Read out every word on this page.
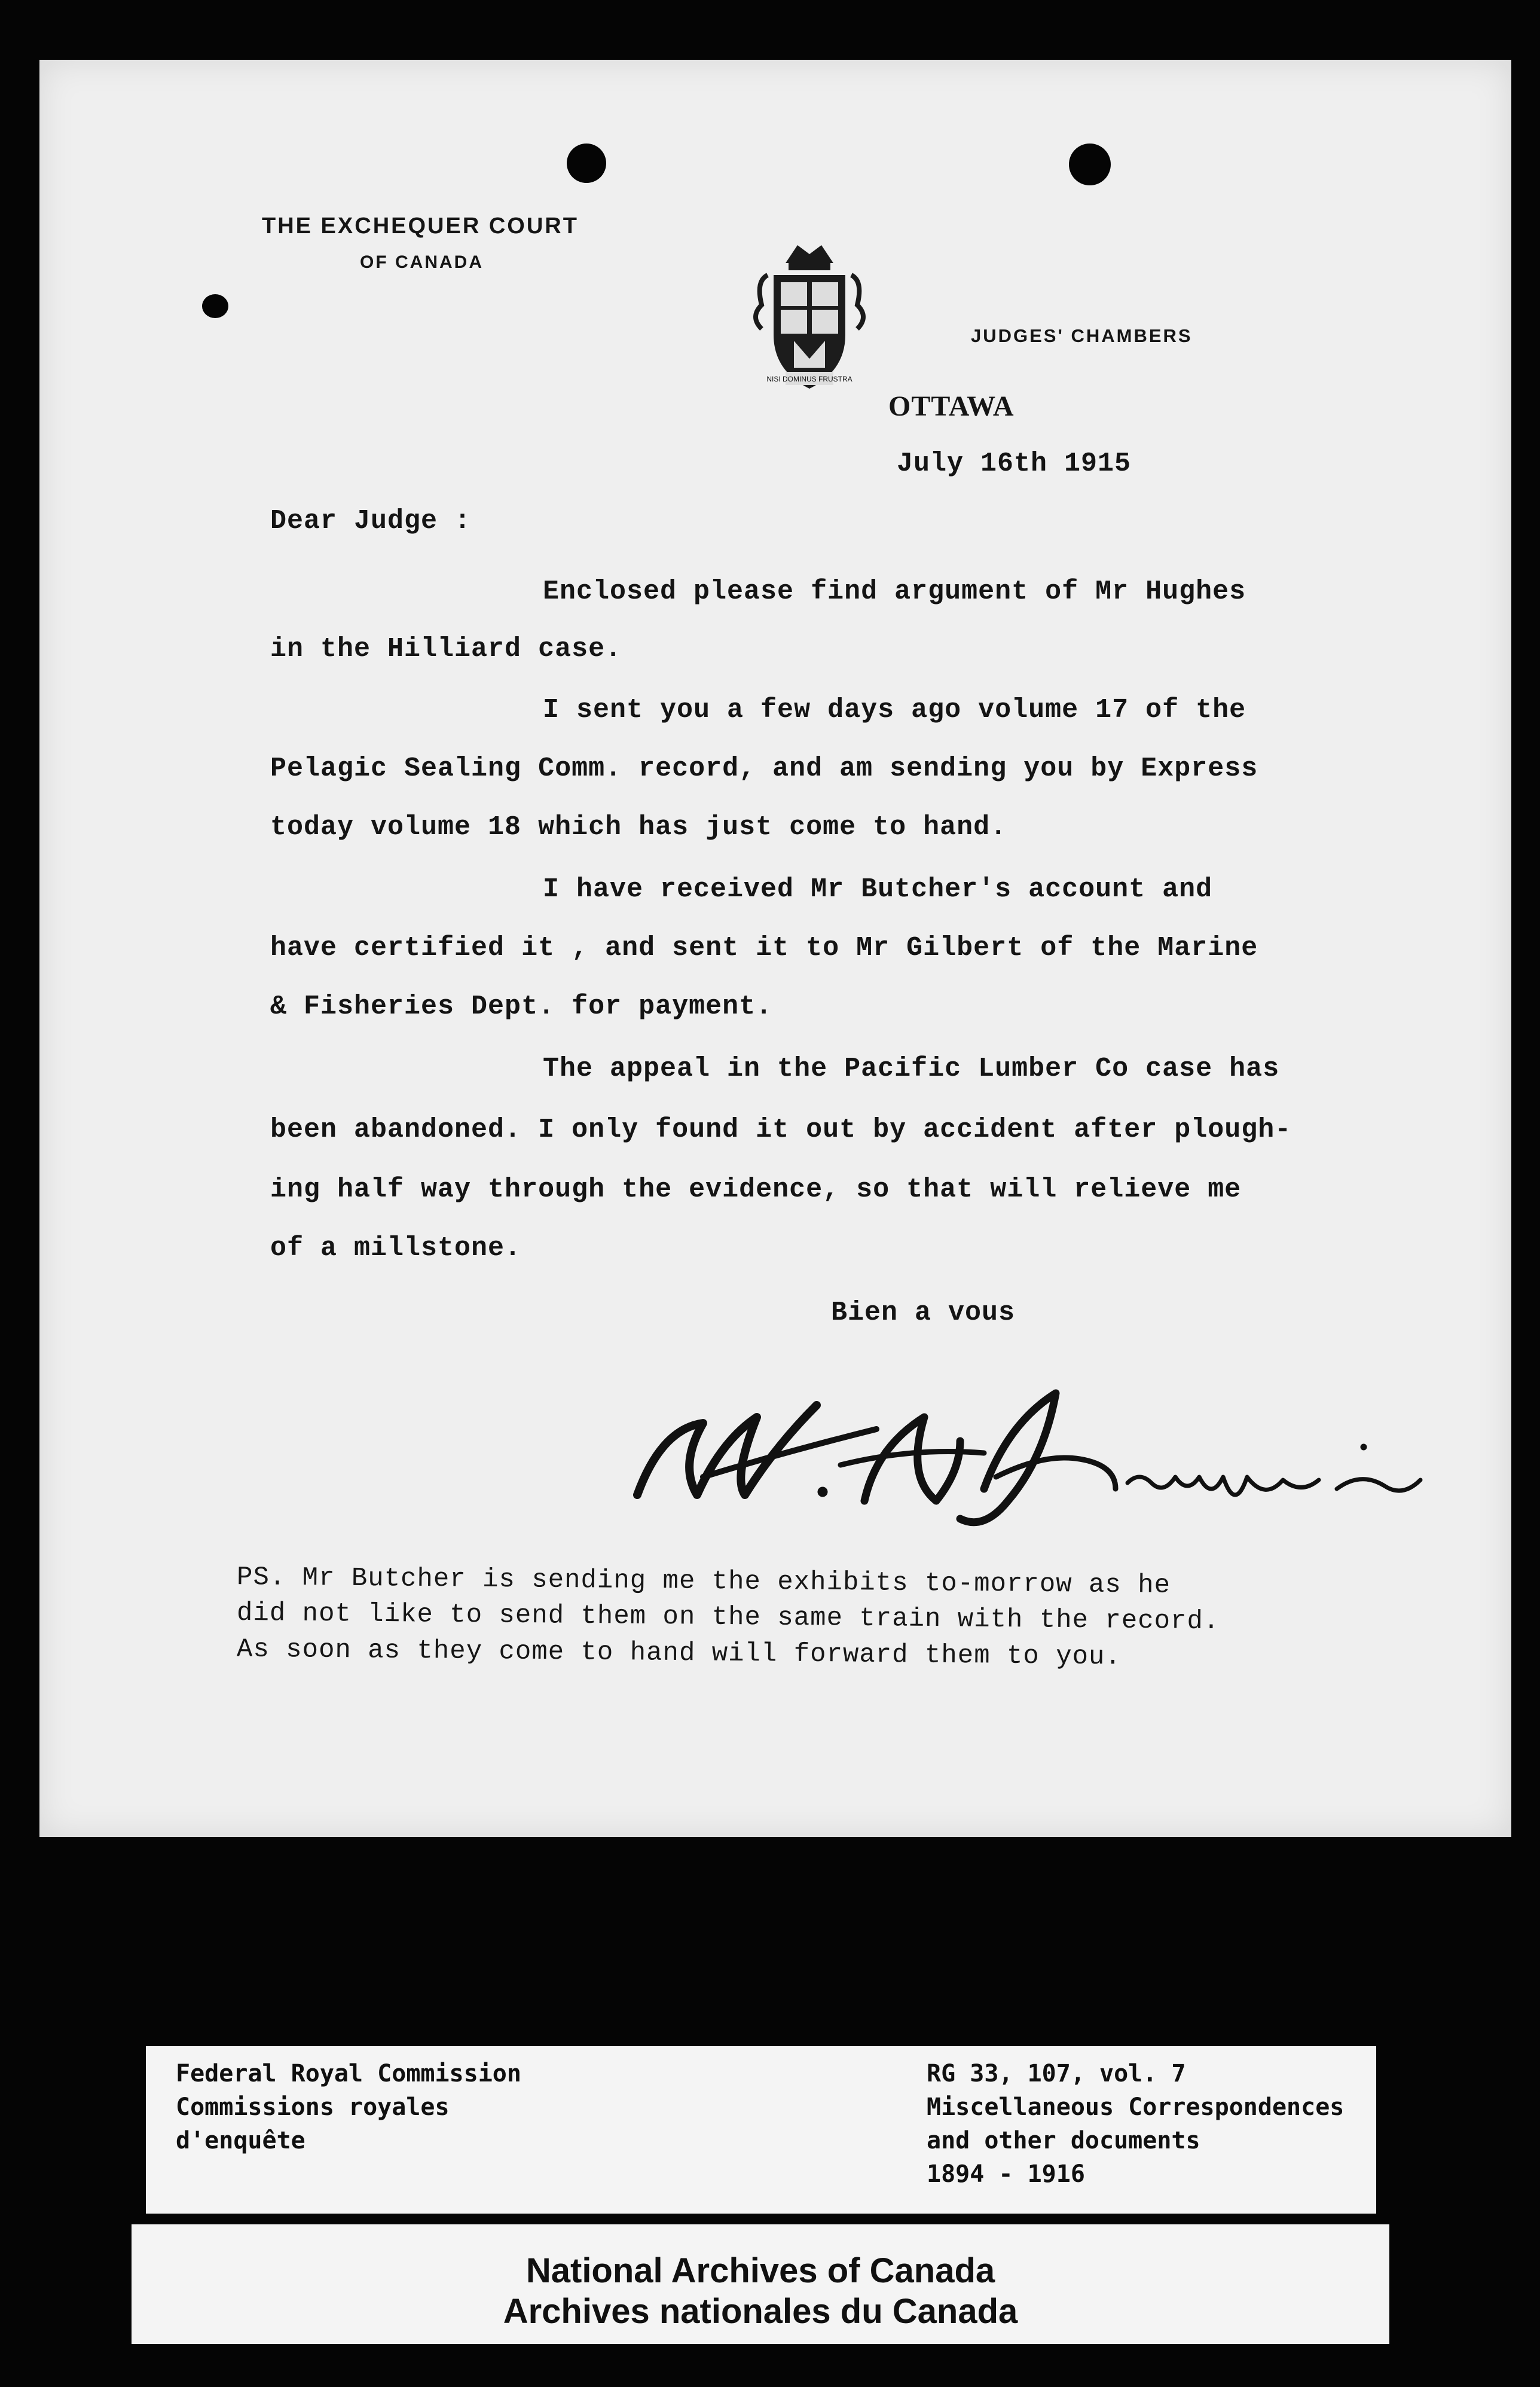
THE EXCHEQUER COURT
OF CANADA
NISI DOMINUS FRUSTRA
JUDGES' CHAMBERS
OTTAWA
July 16th 1915
Dear Judge :
Enclosed please find argument of Mr Hughes
in the Hilliard case.
I sent you a few days ago volume 17 of the
Pelagic Sealing Comm. record, and am sending you by Express
today volume 18 which has just come to hand.
I have received Mr Butcher's account and
have certified it , and sent it to Mr Gilbert of the Marine
& Fisheries Dept. for payment.
The appeal in the Pacific Lumber Co case has
been abandoned. I only found it out by accident after plough-
ing half way through the evidence, so that will relieve me
of a millstone.
Bien a vous
PS. Mr Butcher is sending me the exhibits to-morrow as he
did not like to send them on the same train with the record.
As soon as they come to hand will forward them to you.
Federal Royal Commission
Commissions royales
d'enquête
RG 33, 107, vol. 7
Miscellaneous Correspondences
and other documents
1894 - 1916
National Archives of Canada
Archives nationales du Canada
